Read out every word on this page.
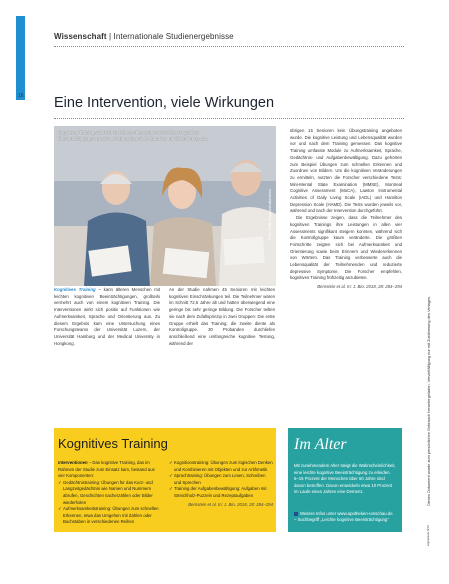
Wissenschaft | Internationale Studienergebnisse
16 Eine Intervention, viele Wirkungen
Kognitives Training wirkt sich bei älteren Menschen mit leichten kognitiven Beeinträchtigungen positiv auf Aufmerksamkeit, Sprache und Orientierung aus.
Foto: Getty Images/shutterstock

Kognitives Training – kann älteren Menschen mit leichten kognitiven Beeinträchtigungen, großteils vermehrt auch von einem kognitiven Training. Die Interventionen wirkt sich positiv auf Funktionen wie Aufmerksamkeit, Sprache und Orientierung aus. Zu diesem Ergebnis kam eine Untersuchung eines Forschungsteams der Universität Luzern, der Universität Hamburg und der Medical University in Hongkong.

An der Studie nahmen 45 Senioren mit leichten kognitiven Einschränkungen teil. Die Teilnehmer waren im Schnitt 72,5 Jahre alt und hatten überwiegend eine geringe bis sehr geringe Bildung. Die Forscher teilten sie nach dem Zufallsprinzip in zwei Gruppen: Die erste Gruppe erhielt das Training, die zweite diente als Kontrollgruppe. 30 Probanden durchliefen anschließend eine umfangreiche kognitive Testung, während der

übrigen 15 Senioren kein Übungstraining angeboten wurde. Die kognitive Leistung und Lebensqualität wurden vor und nach dem Training gemessen. Das kognitive Training umfasste Module zu Aufmerksamkeit, Sprache, Gedächtnis- und Aufgabenbewältigung. Dazu gehörten zum Beispiel Übungen zum schnellen Erkennen und Zuordnen von Bildern. Um die kognitiven Veränderungen zu ermitteln, nutzten die Forscher verschiedene Tests: Mini-Mental State Examination (MMSE), Montreal Cognitive Assessment (MoCA), Lawton Instrumental Activities of Daily Living Scale (IADL) und Hamilton Depression Scale (HAMD). Die Tests wurden jeweils vor, während und nach der Intervention durchgeführt.

Die Ergebnisse zeigen, dass die Teilnehmer des kognitiven Trainings ihre Leistungen in allen vier Assessments signifikant steigern konnten, während sich die Kontrollgruppe kaum veränderte. Die größten Fortschritte zeigten sich bei Aufmerksamkeit und Orientierung sowie beim Erinnern und Wiedererkennen von Wörtern. Das Training verbesserte auch die Lebensqualität der Teilnehmenden und reduzierte depressive Symptome. Die Forscher empfehlen, kognitives Training frühzeitig anzubieten.

Bernstein et al. In: J. Bio. 2018, 28: 284–294

Kognitives Training

Interventionen – Das kognitive Training, das im Rahmen der Studie zum Einsatz kam, bestand aus vier Komponenten:

✓ Gedächtnistraining: Übungen für das Kurz- und Langzeitgedächtnis wie Namen und Nummern abrufen, Geschichten nacherzählen oder Bilder wiederholen
✓ Aufmerksamkeitstraining: Übungen zum schnellen Erkennen, etwa das Umgehen mit Zahlen oder Buchstaben in verschiedenen Reihen
✓ Kognitionstraining: Übungen zum logischen Denken und Kombinieren mit Objekten und zur Arithmetik
✓ Sprachtraining: Übungen zum Lesen, Schreiben und Sprechen
✓ Training der Aufgabenbewältigung: Aufgaben mit Streichholz-Puzzeln und Rezeptaufgaben

Bernstein et al. In: J. Bio. 2018, 28: 284–294

Im Alter
Mit zunehmendem Alter steigt die Wahrscheinlichkeit, eine leichte kognitive Beeinträchtigung zu erleiden. 5–15 Prozent der Menschen über 60 Jahre sind davon betroffen. Davon entwickeln etwa 10 Prozent im Laufe eines Jahres eine Demenz.
Weitere Infos unter www.apotheken-umschau.de – Suchbegriff „Leichte kognitive Beeinträchtigung“
Dieses Dokument wurde zum persönlichen Gebrauch heruntergeladen. Vervielfältigung nur mit Zustimmung des Verlages.
ergopraxis 6/14
